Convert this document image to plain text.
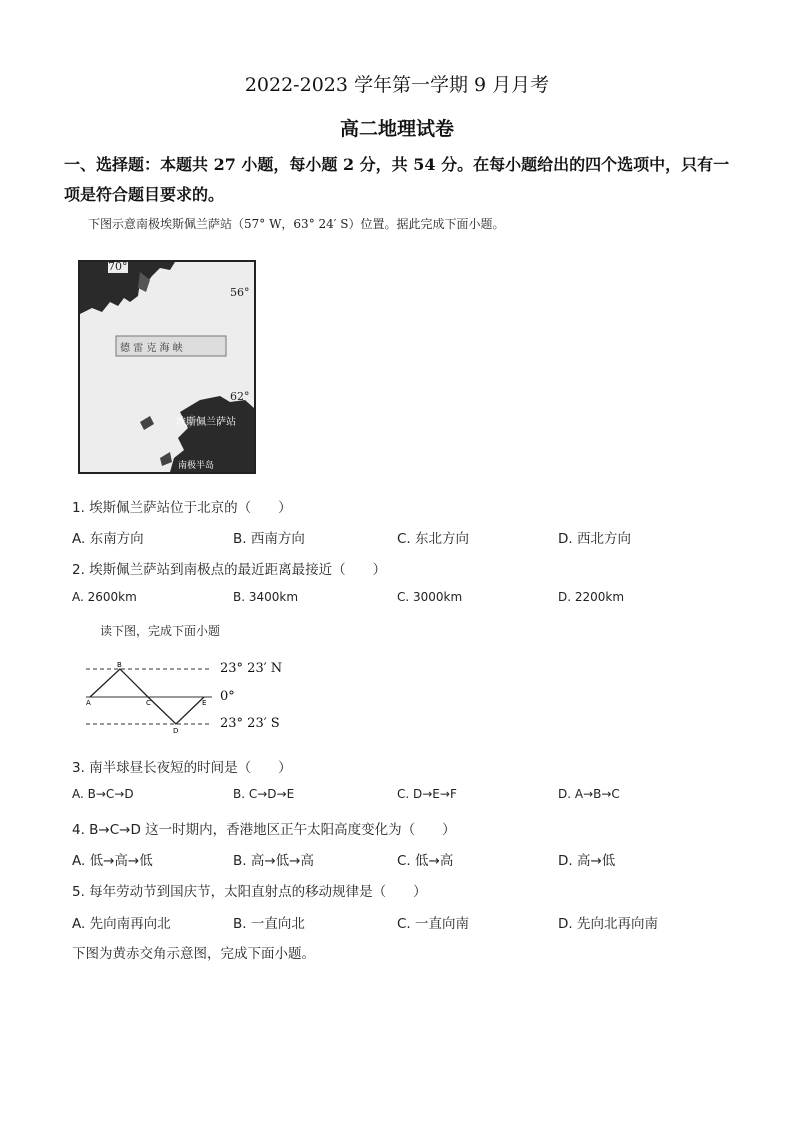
2022-2023 学年第一学期 9 月月考
高二地理试卷
一、选择题：本题共 27 小题，每小题 2 分，共 54 分。在每小题给出的四个选项中，只有一项是符合题目要求的。
下图示意南极埃斯佩兰萨站（57° W，63° 24′ S）位置。据此完成下面小题。
70°
56°
德 雷 克 海 峡
62°
埃斯佩兰萨站
南极半岛
1. 埃斯佩兰萨站位于北京的（　　）
A. 东南方向	B. 西南方向	C. 东北方向	D. 西北方向
2. 埃斯佩兰萨站到南极点的最近距离最接近（　　）
A. 2600km	B. 3400km	C. 3000km	D. 2200km
读下图，完成下面小题
A
B
C
D
E
23° 23′ N
0°
23° 23′ S
3. 南半球昼长夜短的时间是（　　）
A. B→C→D	B. C→D→E	C. D→E→F	D. A→B→C
4. B→C→D 这一时期内，香港地区正午太阳高度变化为（　　）
A. 低→高→低	B. 高→低→高	C. 低→高	D. 高→低
5. 每年劳动节到国庆节，太阳直射点的移动规律是（　　）
A. 先向南再向北	B. 一直向北	C. 一直向南	D. 先向北再向南
下图为黄赤交角示意图，完成下面小题。
